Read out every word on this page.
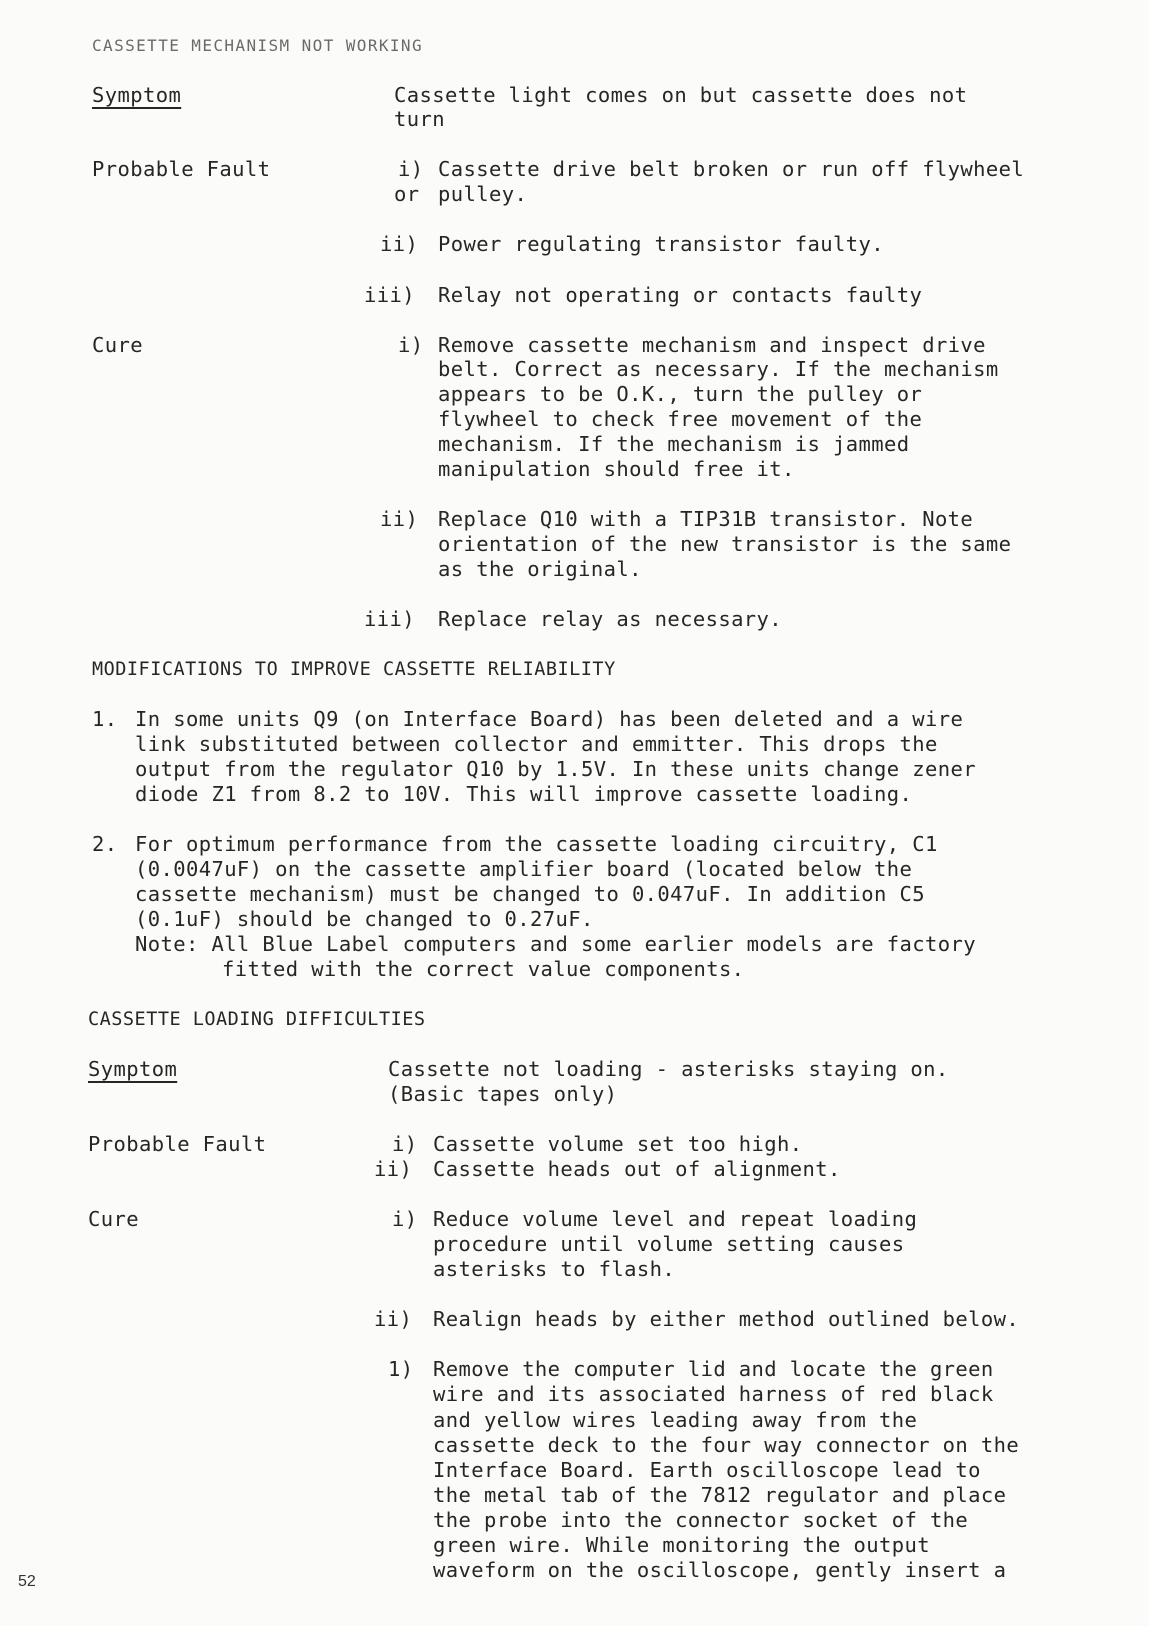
CASSETTE MECHANISM NOT WORKING
Symptom	Cassette light comes on but cassette does not
turn
Probable Fault	i) Cassette drive belt broken or run off flywheel
or pulley.
ii) Power regulating transistor faulty.
iii) Relay not operating or contacts faulty
Cure	i) Remove cassette mechanism and inspect drive
belt. Correct as necessary. If the mechanism
appears to be O.K., turn the pulley or
flywheel to check free movement of the
mechanism. If the mechanism is jammed
manipulation should free it.
ii) Replace Q10 with a TIP31B transistor. Note
orientation of the new transistor is the same
as the original.
iii) Replace relay as necessary.
MODIFICATIONS TO IMPROVE CASSETTE RELIABILITY
1. In some units Q9 (on Interface Board) has been deleted and a wire
link substituted between collector and emmitter. This drops the
output from the regulator Q10 by 1.5V. In these units change zener
diode Z1 from 8.2 to 10V. This will improve cassette loading.
2. For optimum performance from the cassette loading circuitry, C1
(0.0047uF) on the cassette amplifier board (located below the
cassette mechanism) must be changed to 0.047uF. In addition C5
(0.1uF) should be changed to 0.27uF.
Note: All Blue Label computers and some earlier models are factory
fitted with the correct value components.
CASSETTE LOADING DIFFICULTIES
Symptom	Cassette not loading - asterisks staying on.
(Basic tapes only)
Probable Fault	i) Cassette volume set too high.
ii) Cassette heads out of alignment.
Cure	i) Reduce volume level and repeat loading
procedure until volume setting causes
asterisks to flash.
ii) Realign heads by either method outlined below.
1) Remove the computer lid and locate the green
wire and its associated harness of red black
and yellow wires leading away from the
cassette deck to the four way connector on the
Interface Board. Earth oscilloscope lead to
the metal tab of the 7812 regulator and place
the probe into the connector socket of the
green wire. While monitoring the output
waveform on the oscilloscope, gently insert a
52
